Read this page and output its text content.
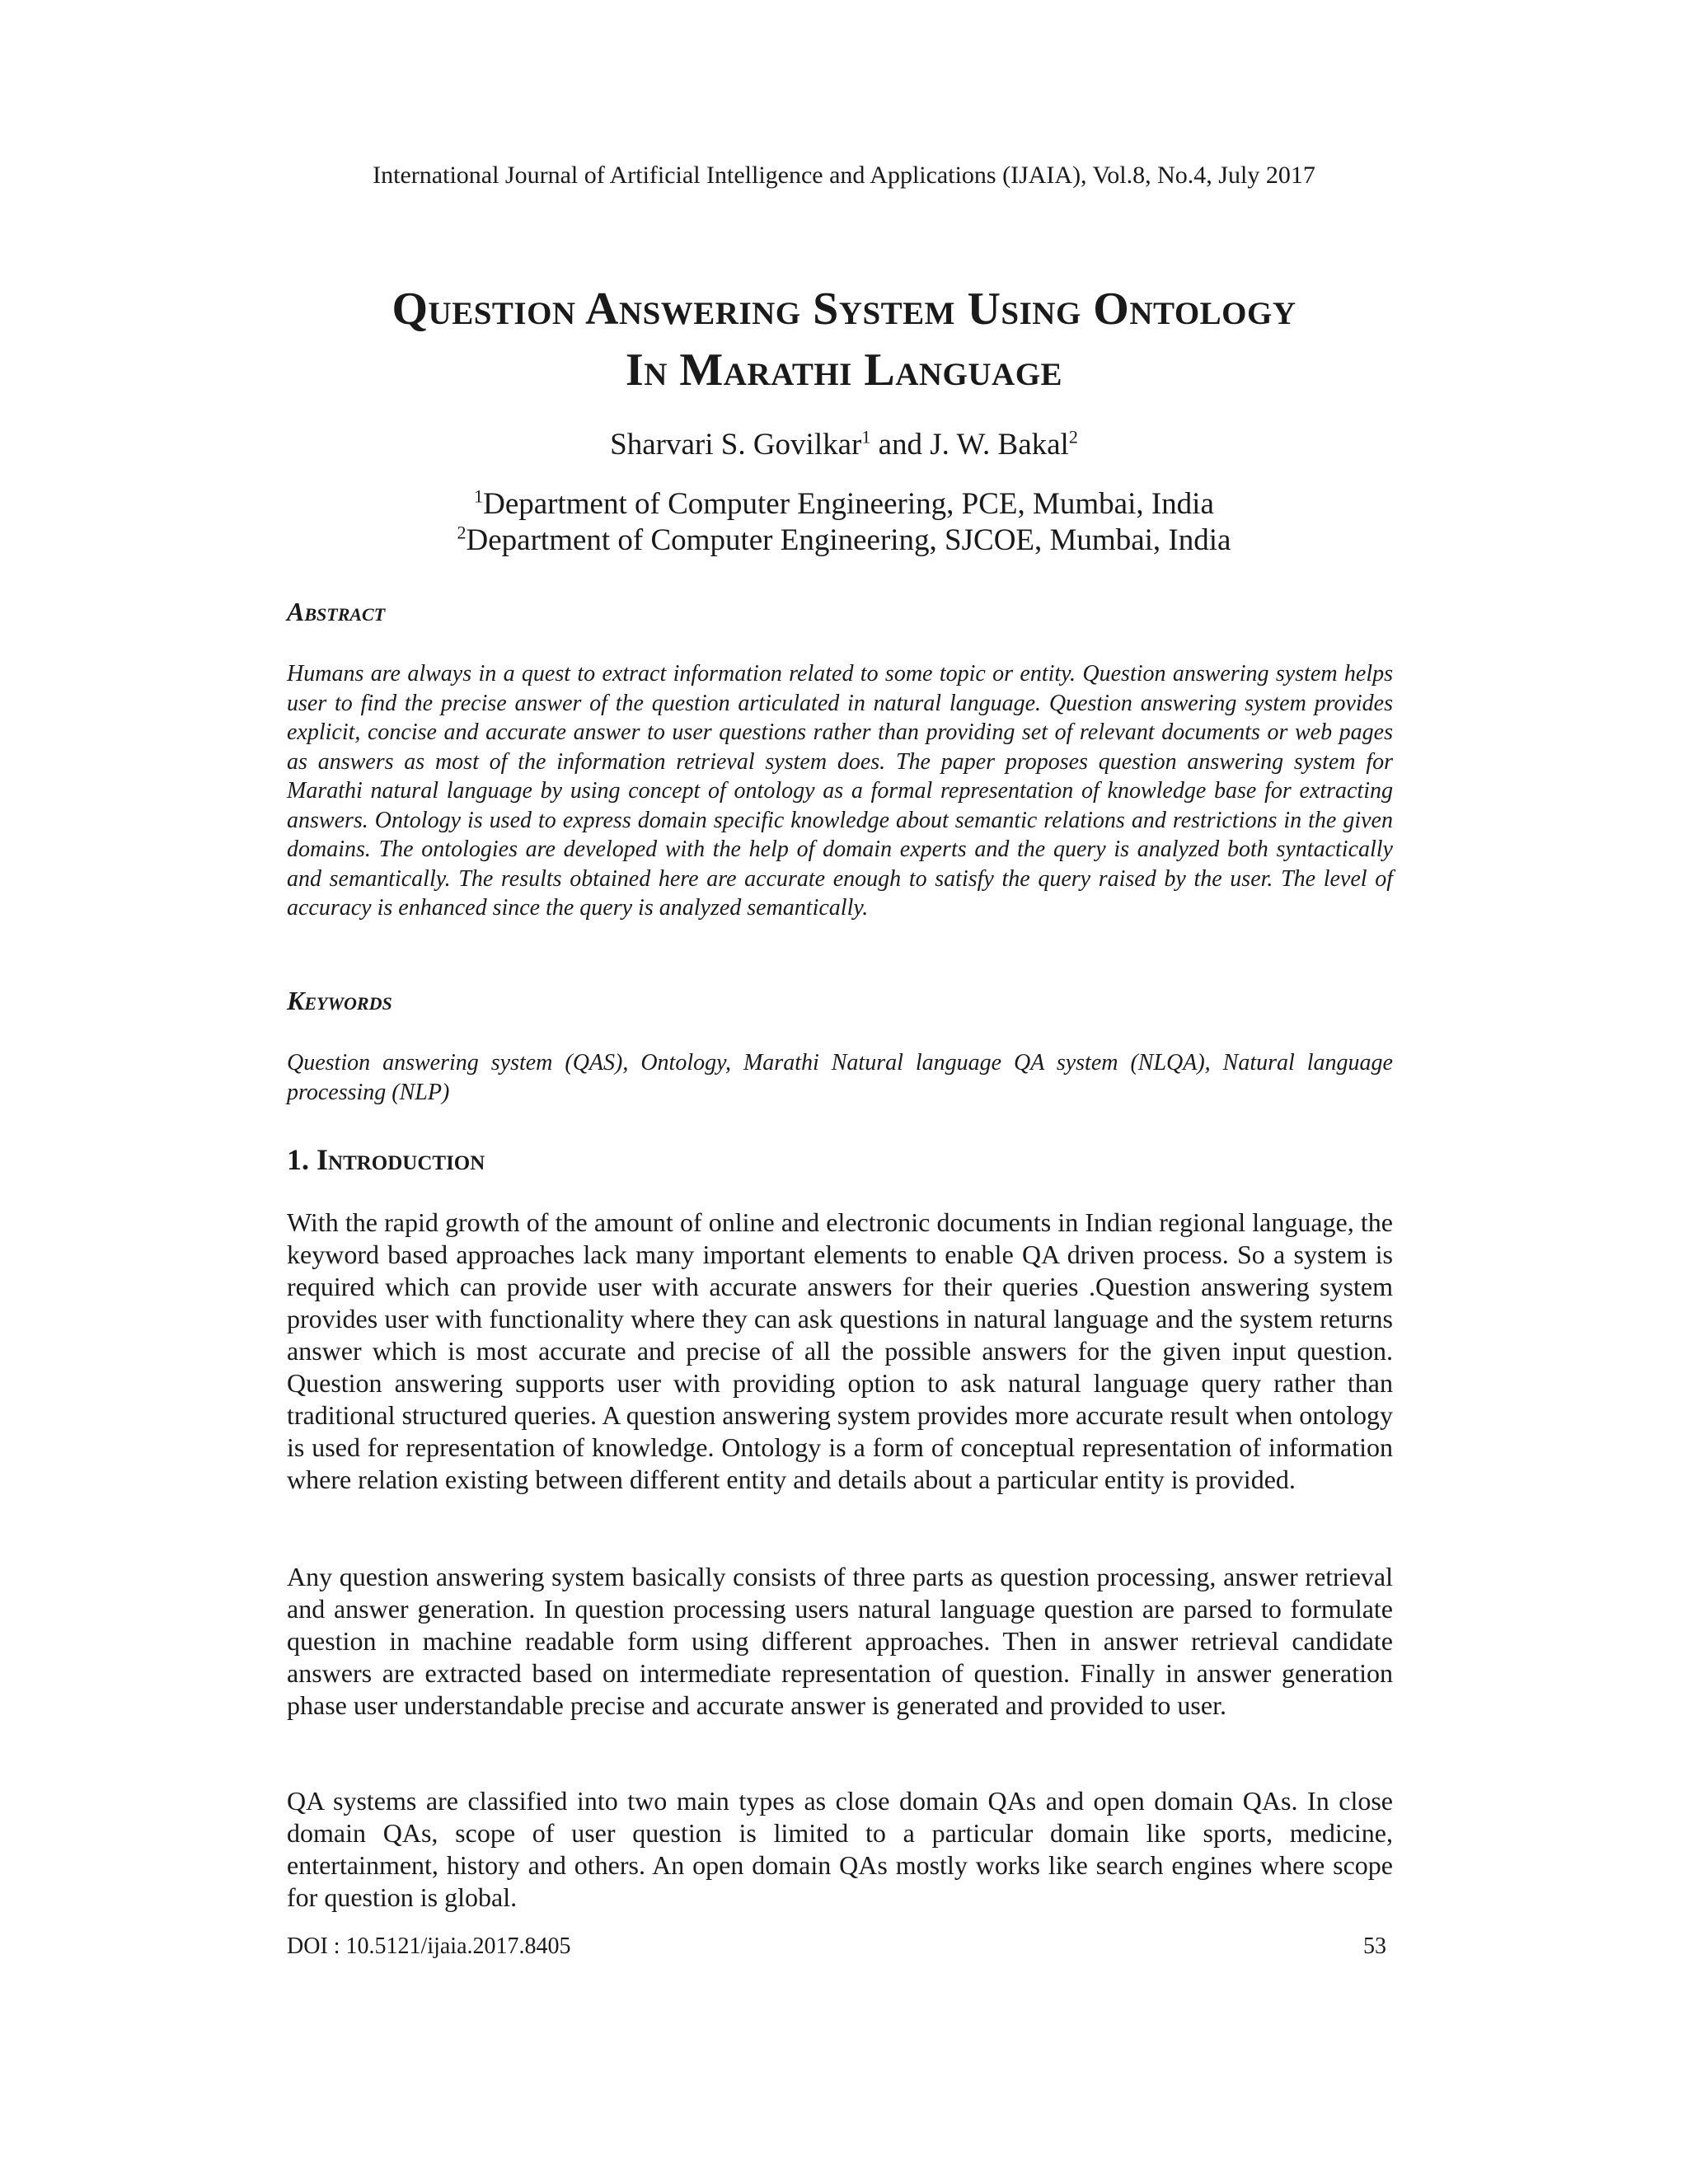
International Journal of Artificial Intelligence and Applications (IJAIA), Vol.8, No.4, July 2017
Question Answering System Using Ontology
In Marathi Language
Sharvari S. Govilkar$^1$ and J. W. Bakal$^2$
$^1$Department of Computer Engineering, PCE, Mumbai, India
$^2$Department of Computer Engineering, SJCOE, Mumbai, India
Abstract
Humans are always in a quest to extract information related to some topic or entity. Question answering system helps user to find the precise answer of the question articulated in natural language. Question answering system provides explicit, concise and accurate answer to user questions rather than providing set of relevant documents or web pages as answers as most of the information retrieval system does. The paper proposes question answering system for Marathi natural language by using concept of ontology as a formal representation of knowledge base for extracting answers. Ontology is used to express domain specific knowledge about semantic relations and restrictions in the given domains. The ontologies are developed with the help of domain experts and the query is analyzed both syntactically and semantically. The results obtained here are accurate enough to satisfy the query raised by the user. The level of accuracy is enhanced since the query is analyzed semantically.
Keywords
Question answering system (QAS), Ontology, Marathi Natural language QA system (NLQA), Natural language processing (NLP)
1. Introduction
With the rapid growth of the amount of online and electronic documents in Indian regional language, the keyword based approaches lack many important elements to enable QA driven process. So a system is required which can provide user with accurate answers for their queries .Question answering system provides user with functionality where they can ask questions in natural language and the system returns answer which is most accurate and precise of all the possible answers for the given input question. Question answering supports user with providing option to ask natural language query rather than traditional structured queries. A question answering system provides more accurate result when ontology is used for representation of knowledge. Ontology is a form of conceptual representation of information where relation existing between different entity and details about a particular entity is provided.
Any question answering system basically consists of three parts as question processing, answer retrieval and answer generation. In question processing users natural language question are parsed to formulate question in machine readable form using different approaches. Then in answer retrieval candidate answers are extracted based on intermediate representation of question. Finally in answer generation phase user understandable precise and accurate answer is generated and provided to user.
QA systems are classified into two main types as close domain QAs and open domain QAs. In close domain QAs, scope of user question is limited to a particular domain like sports, medicine, entertainment, history and others. An open domain QAs mostly works like search engines where scope for question is global.
DOI : 10.5121/ijaia.2017.8405	53
